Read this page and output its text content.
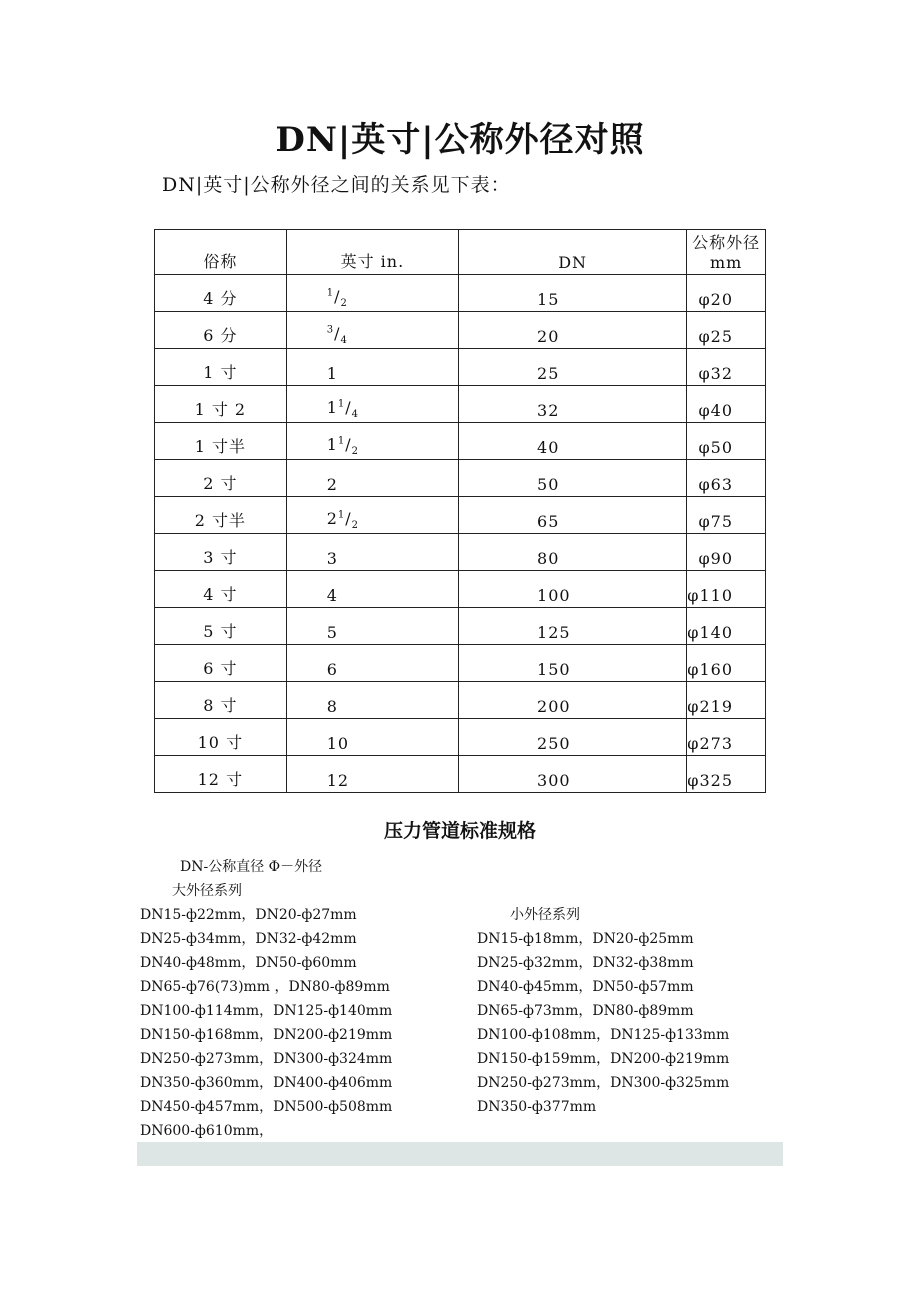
DN|英寸|公称外径对照

DN|英寸|公称外径之间的关系见下表：

俗称	英寸 in.	DN	公称外径 mm
4 分	$^1/_2$	15	φ20
6 分	$^3/_4$	20	φ25
1 寸	1	25	φ32
1 寸 2	$1^1/_4$	32	φ40
1 寸半	$1^1/_2$	40	φ50
2 寸	2	50	φ63
2 寸半	$2^1/_2$	65	φ75
3 寸	3	80	φ90
4 寸	4	100	φ110
5 寸	5	125	φ140
6 寸	6	150	φ160
8 寸	8	200	φ219
10 寸	10	250	φ273
12 寸	12	300	φ325
压力管道标准规格

DN-公称直径 Φ－外径

大外径系列

小外径系列

DN15-ф22mm，DN20-ф27mm
DN25-ф34mm，DN32-ф42mm
DN40-ф48mm，DN50-ф60mm
DN65-ф76(73)mm ，DN80-ф89mm
DN100-ф114mm，DN125-ф140mm
DN150-ф168mm，DN200-ф219mm
DN250-ф273mm，DN300-ф324mm
DN350-ф360mm，DN400-ф406mm
DN450-ф457mm，DN500-ф508mm
DN600-ф610mm，
DN15-ф18mm，DN20-ф25mm
DN25-ф32mm，DN32-ф38mm
DN40-ф45mm，DN50-ф57mm
DN65-ф73mm，DN80-ф89mm
DN100-ф108mm，DN125-ф133mm
DN150-ф159mm，DN200-ф219mm
DN250-ф273mm，DN300-ф325mm
DN350-ф377mm
